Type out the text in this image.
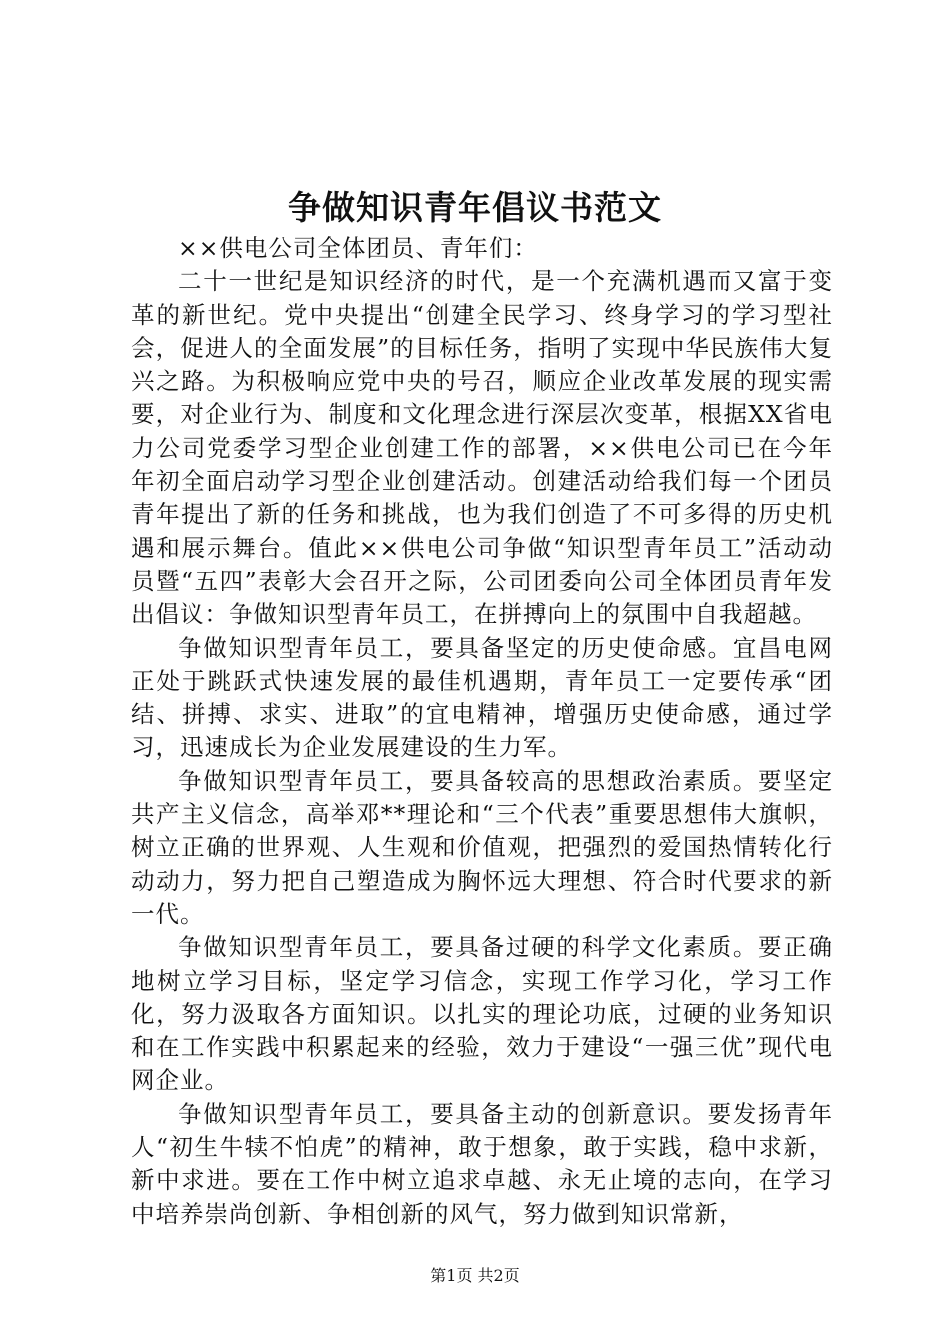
争做知识青年倡议书范文

××供电公司全体团员、青年们：

二十一世纪是知识经济的时代，是一个充满机遇而又富于变革的新世纪。党中央提出“创建全民学习、终身学习的学习型社会，促进人的全面发展”的目标任务，指明了实现中华民族伟大复兴之路。为积极响应党中央的号召，顺应企业改革发展的现实需要，对企业行为、制度和文化理念进行深层次变革，根据XX省电力公司党委学习型企业创建工作的部署，××供电公司已在今年年初全面启动学习型企业创建活动。创建活动给我们每一个团员青年提出了新的任务和挑战，也为我们创造了不可多得的历史机遇和展示舞台。值此××供电公司争做“知识型青年员工”活动动员暨“五四”表彰大会召开之际，公司团委向公司全体团员青年发出倡议：争做知识型青年员工，在拼搏向上的氛围中自我超越。

争做知识型青年员工，要具备坚定的历史使命感。宜昌电网正处于跳跃式快速发展的最佳机遇期，青年员工一定要传承“团结、拼搏、求实、进取”的宜电精神，增强历史使命感，通过学习，迅速成长为企业发展建设的生力军。

争做知识型青年员工，要具备较高的思想政治素质。要坚定共产主义信念，高举邓**理论和“三个代表”重要思想伟大旗帜，树立正确的世界观、人生观和价值观，把强烈的爱国热情转化行动动力，努力把自己塑造成为胸怀远大理想、符合时代要求的新一代。

争做知识型青年员工，要具备过硬的科学文化素质。要正确地树立学习目标，坚定学习信念，实现工作学习化，学习工作化，努力汲取各方面知识。以扎实的理论功底，过硬的业务知识和在工作实践中积累起来的经验，效力于建设“一强三优”现代电网企业。

争做知识型青年员工，要具备主动的创新意识。要发扬青年人“初生牛犊不怕虎”的精神，敢于想象，敢于实践，稳中求新，新中求进。要在工作中树立追求卓越、永无止境的志向，在学习中培养崇尚创新、争相创新的风气，努力做到知识常新，

第1页 共2页
